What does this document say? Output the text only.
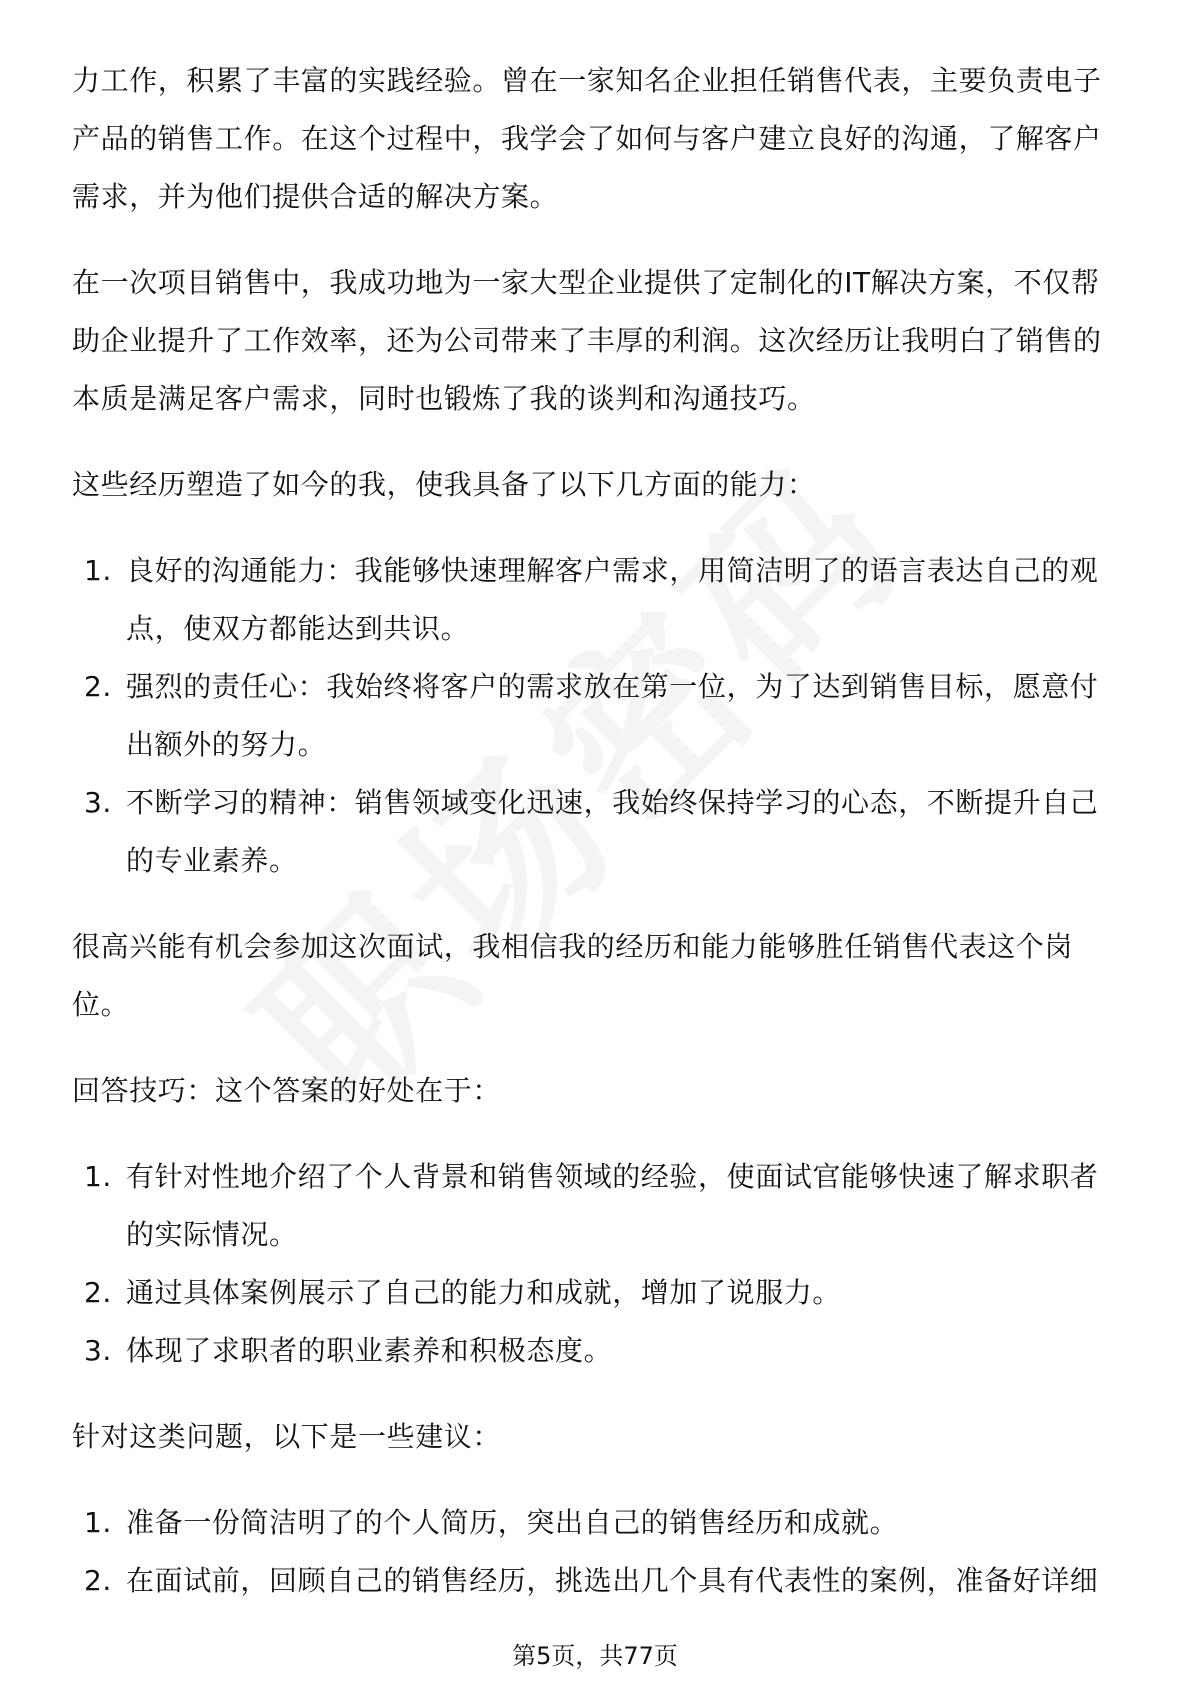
力工作，积累了丰富的实践经验。曾在一家知名企业担任销售代表，主要负责电子产品的销售工作。在这个过程中，我学会了如何与客户建立良好的沟通，了解客户需求，并为他们提供合适的解决方案。

在一次项目销售中，我成功地为一家大型企业提供了定制化的IT解决方案，不仅帮助企业提升了工作效率，还为公司带来了丰厚的利润。这次经历让我明白了销售的本质是满足客户需求，同时也锻炼了我的谈判和沟通技巧。

这些经历塑造了如今的我，使我具备了以下几方面的能力：

1. 良好的沟通能力：我能够快速理解客户需求，用简洁明了的语言表达自己的观点，使双方都能达到共识。
2. 强烈的责任心：我始终将客户的需求放在第一位，为了达到销售目标，愿意付出额外的努力。
3. 不断学习的精神：销售领域变化迅速，我始终保持学习的心态，不断提升自己的专业素养。

很高兴能有机会参加这次面试，我相信我的经历和能力能够胜任销售代表这个岗位。

回答技巧：这个答案的好处在于：

1. 有针对性地介绍了个人背景和销售领域的经验，使面试官能够快速了解求职者的实际情况。
2. 通过具体案例展示了自己的能力和成就，增加了说服力。
3. 体现了求职者的职业素养和积极态度。

针对这类问题，以下是一些建议：

1. 准备一份简洁明了的个人简历，突出自己的销售经历和成就。
2. 在面试前，回顾自己的销售经历，挑选出几个具有代表性的案例，准备好详细
第5页，共77页
